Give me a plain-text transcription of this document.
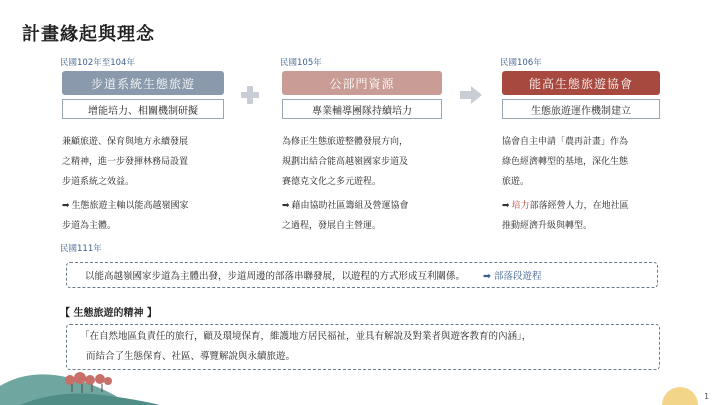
計畫緣起與理念
民國102年至104年
步道系統生態旅遊
增能培力、相關機制研擬
兼顧旅遊、保育與地方永續發展
之精神，進一步發揮林務局設置
步道系統之效益。
➡ 生態旅遊主軸以能高越嶺國家
步道為主體。
民國105年
公部門資源
專業輔導團隊持續培力
為修正生態旅遊整體發展方向，
規劃出結合能高越嶺國家步道及
賽德克文化之多元遊程。
➡ 藉由協助社區籌組及營運協會
之過程，發展自主營運。
民國106年
能高生態旅遊協會
生態旅遊運作機制建立
協會自主申請「農再計畫」作為
綠色經濟轉型的基地，深化生態
旅遊。
➡ 培力部落經營人力，在地社區
推動經濟升級與轉型。
民國111年
以能高越嶺國家步道為主體出發，步道周邊的部落串聯發展，以遊程的方式形成互利關係。 ➡ 部落段遊程
【 生態旅遊的精神 】
「在自然地區負責任的旅行，顧及環境保育，維護地方居民福祉，並具有解說及對業者與遊客教育的內涵」，
而結合了生態保育、社區、導覽解說與永續旅遊。
1
